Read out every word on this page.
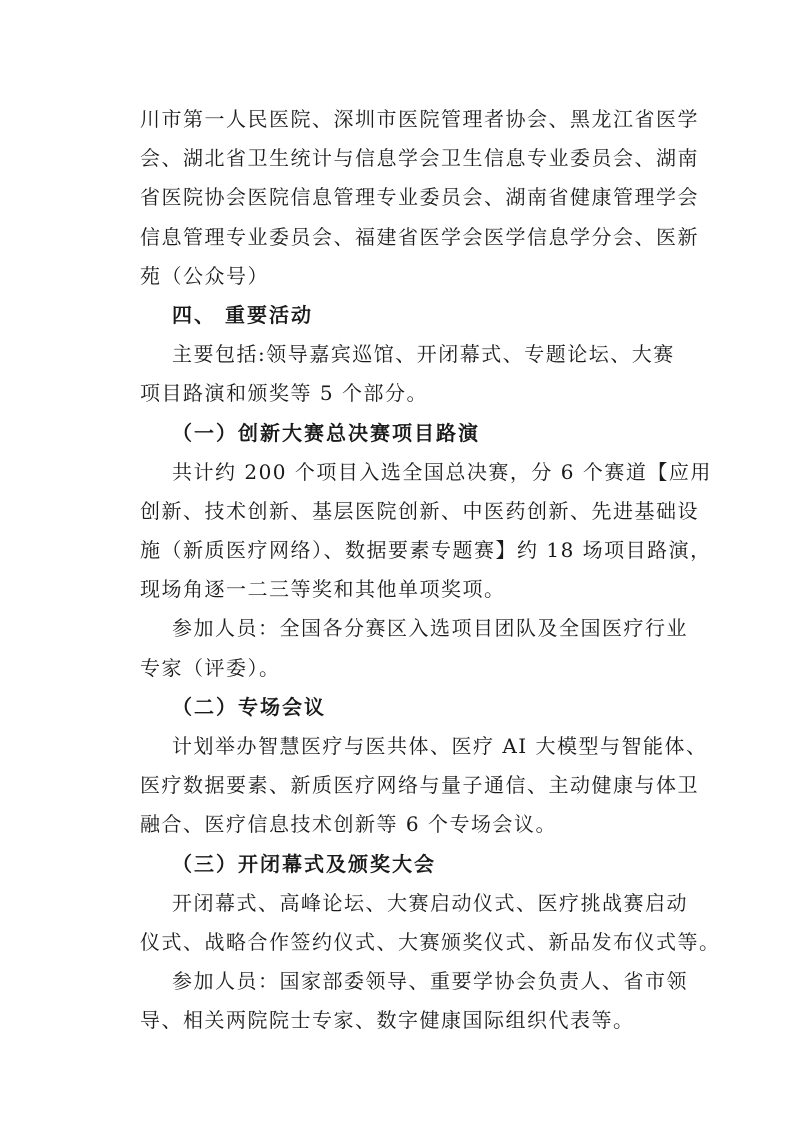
川市第一人民医院、深圳市医院管理者协会、黑龙江省医学
会、湖北省卫生统计与信息学会卫生信息专业委员会、湖南
省医院协会医院信息管理专业委员会、湖南省健康管理学会
信息管理专业委员会、福建省医学会医学信息学分会、医新
苑（公众号）
四、 重要活动
主要包括:领导嘉宾巡馆、开闭幕式、专题论坛、大赛
项目路演和颁奖等 5 个部分。
（一）创新大赛总决赛项目路演
共计约 200 个项目入选全国总决赛，分 6 个赛道【应用
创新、技术创新、基层医院创新、中医药创新、先进基础设
施（新质医疗网络）、数据要素专题赛】约 18 场项目路演，
现场角逐一二三等奖和其他单项奖项。
参加人员：全国各分赛区入选项目团队及全国医疗行业
专家（评委）。
（二）专场会议
计划举办智慧医疗与医共体、医疗 AI 大模型与智能体、
医疗数据要素、新质医疗网络与量子通信、主动健康与体卫
融合、医疗信息技术创新等 6 个专场会议。
（三）开闭幕式及颁奖大会
开闭幕式、高峰论坛、大赛启动仪式、医疗挑战赛启动
仪式、战略合作签约仪式、大赛颁奖仪式、新品发布仪式等。
参加人员：国家部委领导、重要学协会负责人、省市领
导、相关两院院士专家、数字健康国际组织代表等。
